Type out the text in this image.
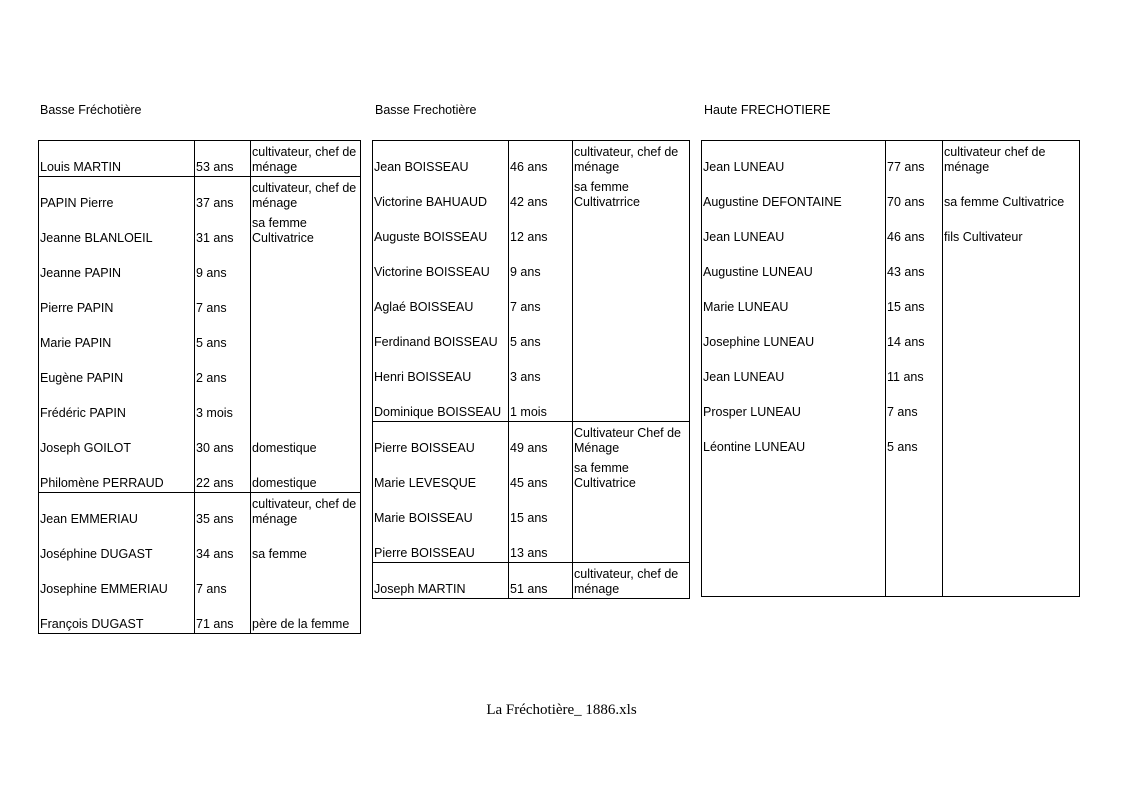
Basse Fréchotière	Basse Frechotière	Haute FRECHOTIERE
Louis MARTIN	53 ans	cultivateur, chef de ménage
PAPIN Pierre	37 ans	cultivateur, chef de ménage
Jeanne BLANLOEIL	31 ans	sa femme Cultivatrice
Jeanne PAPIN	9 ans	
Pierre PAPIN	7 ans	
Marie PAPIN	5 ans	
Eugène PAPIN	2 ans	
Frédéric PAPIN	3 mois	
Joseph GOILOT	30 ans	domestique
Philomène PERRAUD	22 ans	domestique
Jean EMMERIAU	35 ans	cultivateur, chef de ménage
Joséphine DUGAST	34 ans	sa femme
Josephine EMMERIAU	7 ans	
François DUGAST	71 ans	père de la femme
Jean BOISSEAU	46 ans	cultivateur, chef de ménage
Victorine BAHUAUD	42 ans	sa femme Cultivatrrice
Auguste BOISSEAU	12 ans	
Victorine BOISSEAU	9 ans	
Aglaé BOISSEAU	7 ans	
Ferdinand BOISSEAU	5 ans	
Henri BOISSEAU	3 ans	
Dominique BOISSEAU	1 mois	
Pierre BOISSEAU	49 ans	Cultivateur Chef de Ménage
Marie LEVESQUE	45 ans	sa femme Cultivatrice
Marie BOISSEAU	15 ans	
Pierre BOISSEAU	13 ans	
Joseph MARTIN	51 ans	cultivateur, chef de ménage
Jean LUNEAU	77 ans	cultivateur chef de ménage
Augustine DEFONTAINE	70 ans	sa femme Cultivatrice
Jean LUNEAU	46 ans	fils Cultivateur
Augustine LUNEAU	43 ans	
Marie LUNEAU	15 ans	
Josephine LUNEAU	14 ans	
Jean LUNEAU	11 ans	
Prosper LUNEAU	7 ans	
Léontine LUNEAU	5 ans	

La Fréchotière_ 1886.xls
